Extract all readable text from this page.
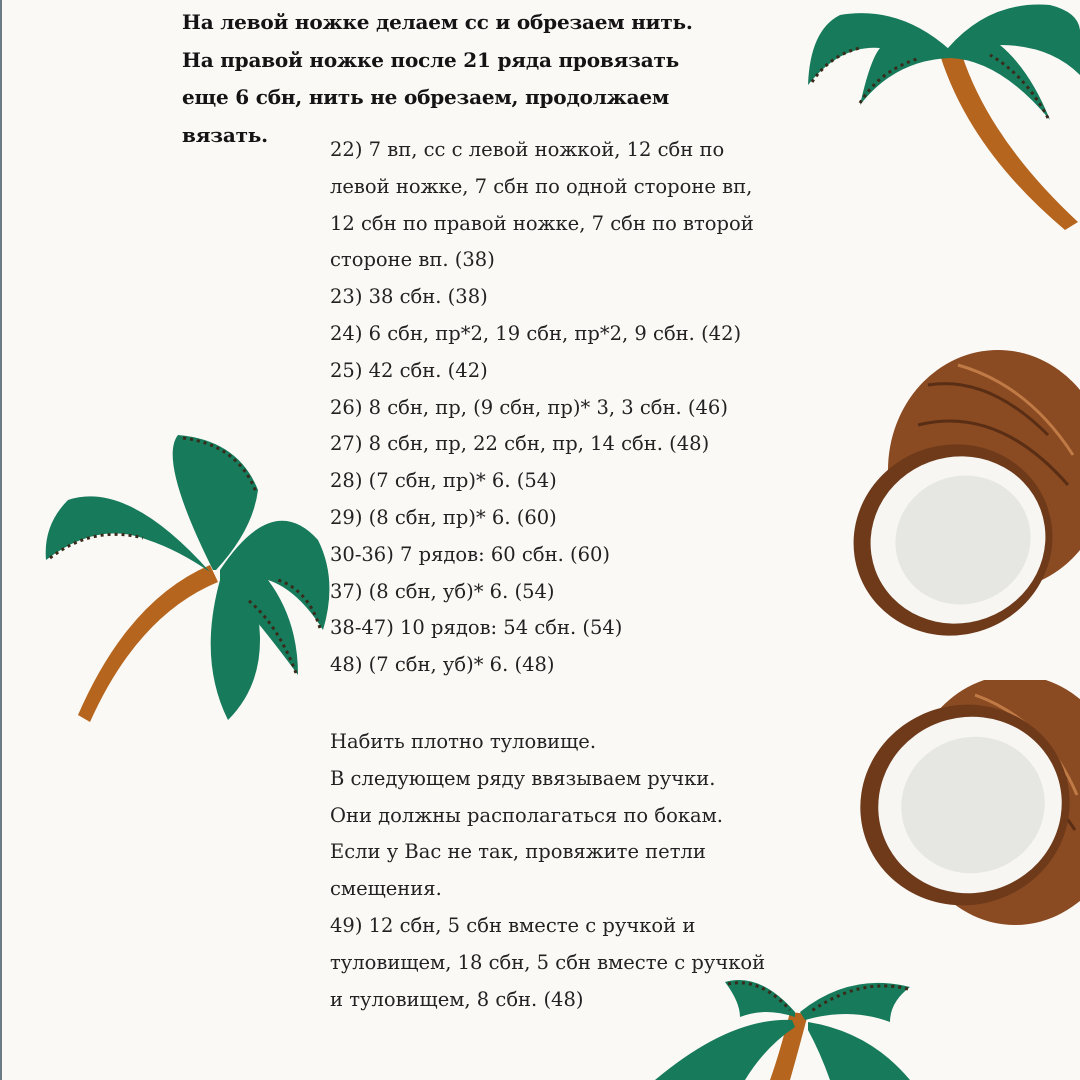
На левой ножке делаем сс и обрезаем нить.
На правой ножке после 21 ряда провязать
еще 6 сбн, нить не обрезаем, продолжаем
вязать.
22) 7 вп, сс с левой ножкой, 12 сбн по
левой ножке, 7 сбн по одной стороне вп,
12 сбн по правой ножке, 7 сбн по второй
стороне вп. (38)
23) 38 сбн. (38)
24) 6 сбн, пр*2, 19 сбн, пр*2, 9 сбн. (42)
25) 42 сбн. (42)
26) 8 сбн, пр, (9 сбн, пр)* 3, 3 сбн. (46)
27) 8 сбн, пр, 22 сбн, пр, 14 сбн. (48)
28) (7 сбн, пр)* 6. (54)
29) (8 сбн, пр)* 6. (60)
30-36) 7 рядов: 60 сбн. (60)
37) (8 сбн, уб)* 6. (54)
38-47) 10 рядов: 54 сбн. (54)
48) (7 сбн, уб)* 6. (48)
Набить плотно туловище.
В следующем ряду ввязываем ручки.
Они должны располагаться по бокам.
Если у Вас не так, провяжите петли
смещения.
49) 12 сбн, 5 сбн вместе с ручкой и
туловищем, 18 сбн, 5 сбн вместе с ручкой
и туловищем, 8 сбн. (48)
